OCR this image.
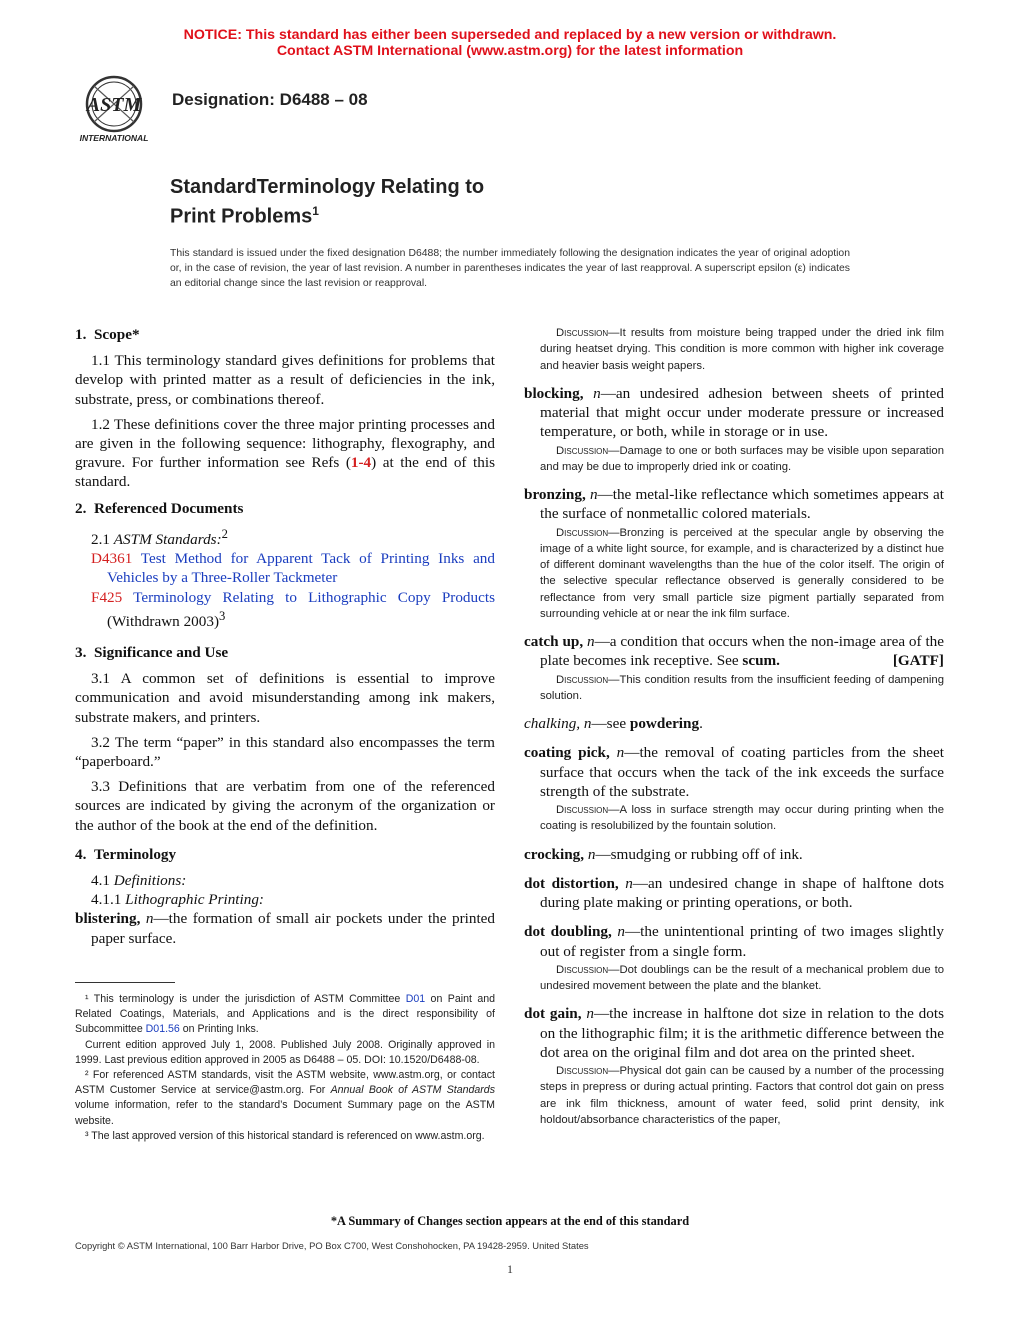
NOTICE: This standard has either been superseded and replaced by a new version or withdrawn.
Contact ASTM International (www.astm.org) for the latest information
ASTM
INTERNATIONAL
Designation: D6488 – 08
StandardTerminology Relating to
Print Problems$^1$
This standard is issued under the fixed designation D6488; the number immediately following the designation indicates the year of original adoption or, in the case of revision, the year of last revision. A number in parentheses indicates the year of last reapproval. A superscript epsilon (ε) indicates an editorial change since the last revision or reapproval.

1. Scope*

1.1 This terminology standard gives definitions for problems that develop with printed matter as a result of deficiencies in the ink, substrate, press, or combinations thereof.

1.2 These definitions cover the three major printing processes and are given in the following sequence: lithography, flexography, and gravure. For further information see Refs (1-4) at the end of this standard.

2. Referenced Documents

2.1 ASTM Standards:$^2$

D4361 Test Method for Apparent Tack of Printing Inks and Vehicles by a Three-Roller Tackmeter

F425 Terminology Relating to Lithographic Copy Products (Withdrawn 2003)$^3$

3. Significance and Use

3.1 A common set of definitions is essential to improve communication and avoid misunderstanding among ink makers, substrate makers, and printers.

3.2 The term “paper” in this standard also encompasses the term “paperboard.”

3.3 Definitions that are verbatim from one of the referenced sources are indicated by giving the acronym of the organization or the author of the book at the end of the definition.

4. Terminology

4.1 Definitions:

4.1.1 Lithographic Printing:

blistering, n—the formation of small air pockets under the printed paper surface.

¹ This terminology is under the jurisdiction of ASTM Committee D01 on Paint and Related Coatings, Materials, and Applications and is the direct responsibility of Subcommittee D01.56 on Printing Inks.

Current edition approved July 1, 2008. Published July 2008. Originally approved in 1999. Last previous edition approved in 2005 as D6488 – 05. DOI: 10.1520/D6488-08.

² For referenced ASTM standards, visit the ASTM website, www.astm.org, or contact ASTM Customer Service at service@astm.org. For Annual Book of ASTM Standards volume information, refer to the standard’s Document Summary page on the ASTM website.

³ The last approved version of this historical standard is referenced on www.astm.org.

Discussion—It results from moisture being trapped under the dried ink film during heatset drying. This condition is more common with higher ink coverage and heavier basis weight papers.

blocking, n—an undesired adhesion between sheets of printed material that might occur under moderate pressure or increased temperature, or both, while in storage or in use.

Discussion—Damage to one or both surfaces may be visible upon separation and may be due to improperly dried ink or coating.

bronzing, n—the metal-like reflectance which sometimes appears at the surface of nonmetallic colored materials.

Discussion—Bronzing is perceived at the specular angle by observing the image of a white light source, for example, and is characterized by a distinct hue of different dominant wavelengths than the hue of the color itself. The origin of the selective specular reflectance observed is generally considered to be reflectance from very small particle size pigment partially separated from surrounding vehicle at or near the ink film surface.

catch up, n—a condition that occurs when the non-image area of the plate becomes ink receptive. See scum.	[GATF]

Discussion—This condition results from the insufficient feeding of dampening solution.

chalking, n—see powdering.

coating pick, n—the removal of coating particles from the sheet surface that occurs when the tack of the ink exceeds the surface strength of the substrate.

Discussion—A loss in surface strength may occur during printing when the coating is resolubilized by the fountain solution.

crocking, n—smudging or rubbing off of ink.

dot distortion, n—an undesired change in shape of halftone dots during plate making or printing operations, or both.

dot doubling, n—the unintentional printing of two images slightly out of register from a single form.

Discussion—Dot doublings can be the result of a mechanical problem due to undesired movement between the plate and the blanket.

dot gain, n—the increase in halftone dot size in relation to the dots on the lithographic film; it is the arithmetic difference between the dot area on the original film and dot area on the printed sheet.

Discussion—Physical dot gain can be caused by a number of the processing steps in prepress or during actual printing. Factors that control dot gain on press are ink film thickness, amount of water feed, solid print density, ink holdout/absorbance characteristics of the paper,

*A Summary of Changes section appears at the end of this standard
Copyright © ASTM International, 100 Barr Harbor Drive, PO Box C700, West Conshohocken, PA 19428-2959. United States
1
